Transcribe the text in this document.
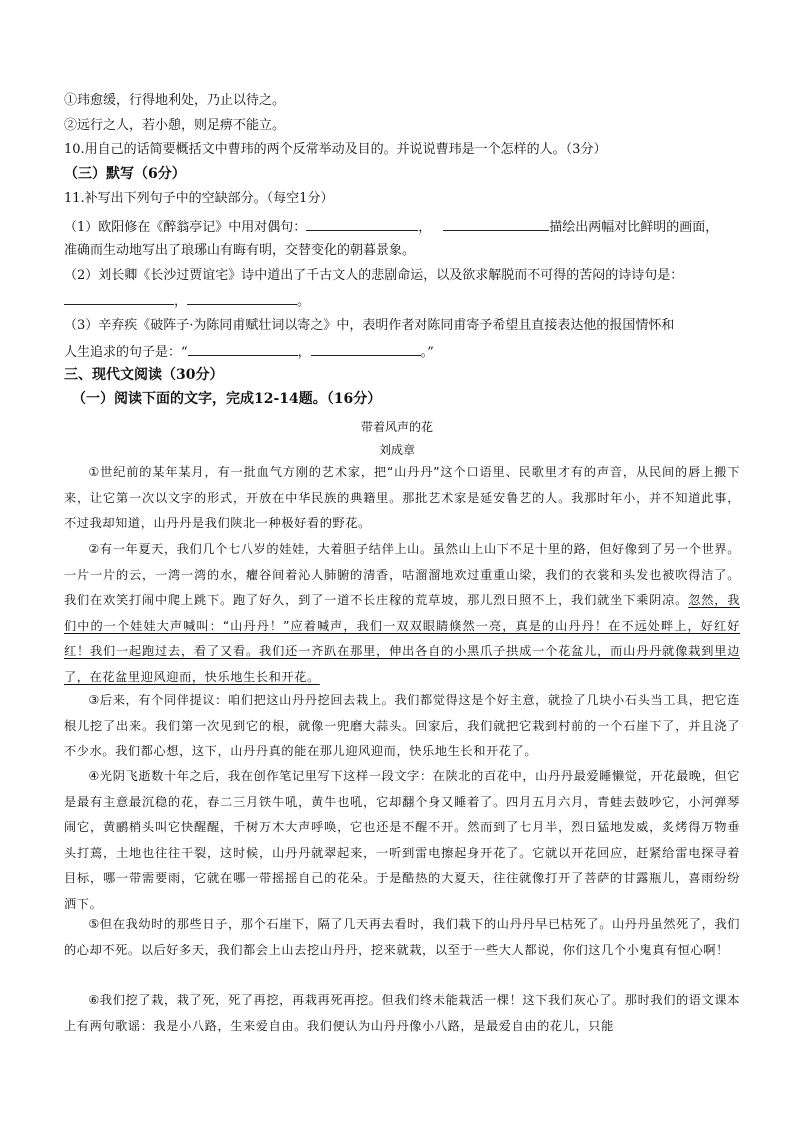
①玮愈缓，行得地利处，乃止以待之。
②远行之人，若小憩，则足痹不能立。
10.用自己的话简要概括文中曹玮的两个反常举动及目的。并说说曹玮是一个怎样的人。（3分）
（三）默写（6分）
11.补写出下列句子中的空缺部分。（每空1分）
（1）欧阳修在《醉翁亭记》中用对偶句：	，	描绘出两幅对比鲜明的画面，
准确而生动地写出了琅琊山有晦有明，交替变化的朝暮景象。
（2）刘长卿《长沙过贾谊宅》诗中道出了千古文人的悲剧命运，以及欲求解脱而不可得的苦闷的诗诗句是：
，	。
（3）辛弃疾《破阵子·为陈同甫赋壮词以寄之》中，表明作者对陈同甫寄予希望且直接表达他的报国情怀和
人生追求的句子是：“	，	。”
三、现代文阅读（30分）
（一）阅读下面的文字，完成12-14题。（16分）
带着风声的花
刘成章
①世纪前的某年某月，有一批血气方刚的艺术家，把“山丹丹”这个口语里、民歌里才有的声音，从民间的唇上搬下来，让它第一次以文字的形式，开放在中华民族的典籍里。那批艺术家是延安鲁艺的人。我那时年小，并不知道此事，不过我却知道，山丹丹是我们陕北一种极好看的野花。
②有一年夏天，我们几个七八岁的娃娃，大着胆子结伴上山。虽然山上山下不足十里的路，但好像到了另一个世界。一片一片的云，一湾一湾的水，癯谷间着沁人肺腑的清香，咕溜溜地欢过重重山梁，我们的衣裳和头发也被吹得洁了。我们在欢笑打闹中爬上跳下。跑了好久，到了一道不长庄稼的荒草坡，那儿烈日照不上，我们就坐下乘阴凉。忽然，我们中的一个娃娃大声喊叫：“山丹丹！”应着喊声，我们一双双眼睛倏然一亮，真是的山丹丹！在不远处畔上，好红好红！我们一起跑过去，看了又看。我们还一齐趴在那里，伸出各自的小黑爪子拱成一个花盆儿，而山丹丹就像栽到里边了，在花盆里迎风迎而，快乐地生长和开花。
③后来，有个同伴提议：咱们把这山丹丹挖回去栽上。我们都觉得这是个好主意，就捡了几块小石头当工具，把它连根儿挖了出来。我们第一次见到它的根，就像一兜磨大蒜头。回家后，我们就把它栽到村前的一个石崖下了，并且浇了不少水。我们都心想，这下，山丹丹真的能在那儿迎风迎而，快乐地生长和开花了。
④光阴飞逝数十年之后，我在创作笔记里写下这样一段文字：在陕北的百花中，山丹丹最爱睡懒觉，开花最晚，但它是最有主意最沉稳的花，春二三月铁牛吼，黄牛也吼，它却翻个身又睡着了。四月五月六月，青蛙去鼓吵它，小河弹琴闹它，黄鹂梢头叫它快醒醒，千树万木大声呼唤，它也还是不醒不开。然而到了七月半，烈日猛地发威，炙烤得万物垂头打蔫，土地也往往干裂，这时候，山丹丹就翠起来，一听到雷电擦起身开花了。它就以开花回应，赶紧给雷电探寻着目标，哪一带需要雨，它就在哪一带摇摇自己的花朵。于是酷热的大夏天，往往就像打开了菩萨的甘露瓶儿，喜雨纷纷洒下。
⑤但在我幼时的那些日子，那个石崖下，隔了几天再去看时，我们栽下的山丹丹早已枯死了。山丹丹虽然死了，我们的心却不死。以后好多天，我们都会上山去挖山丹丹，挖来就栽，以至于一些大人都说，你们这几个小鬼真有恒心啊！
⑥我们挖了栽，栽了死，死了再挖，再栽再死再挖。但我们终未能栽活一棵！这下我们灰心了。那时我们的语文课本上有两句歌谣：我是小八路，生来爱自由。我们便认为山丹丹像小八路，是最爱自由的花儿，只能
